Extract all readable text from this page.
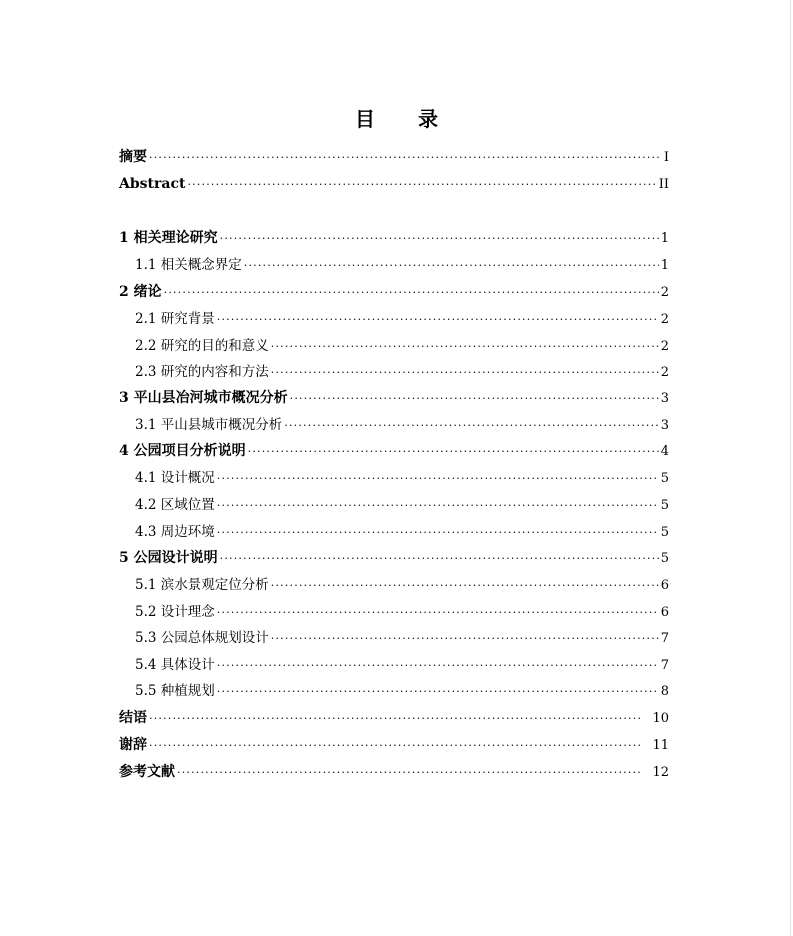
目 录
摘要 ·····	I
Abstract ·····	II
1 相关理论研究 ·····	1
1.1 相关概念界定 ·····	1
2 绪论 ·····	2
2.1 研究背景 ·····	2
2.2 研究的目的和意义 ·····	2
2.3 研究的内容和方法 ·····	2
3 平山县冶河城市概况分析 ·····	3
3.1 平山县城市概况分析 ·····	3
4 公园项目分析说明 ·····	4
4.1 设计概况 ·····	5
4.2 区域位置 ·····	5
4.3 周边环境 ·····	5
5 公园设计说明 ·····	5
5.1 滨水景观定位分析 ·····	6
5.2 设计理念 ·····	6
5.3 公园总体规划设计 ·····	7
5.4 具体设计 ·····	7
5.5 种植规划 ·····	8
结语 ·····	10
谢辞 ·····	11
参考文献 ·····	12
